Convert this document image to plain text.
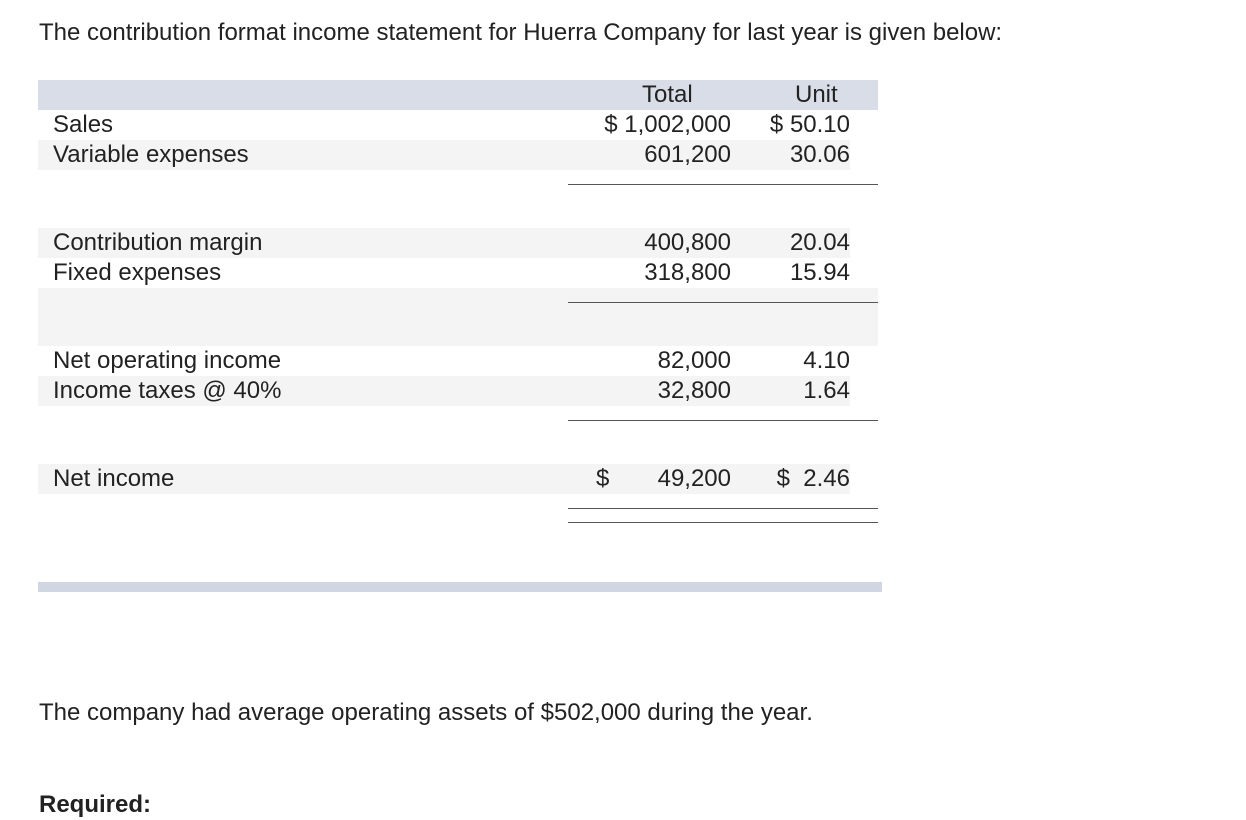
The contribution format income statement for Huerra Company for last year is given below:
Total	Unit
Sales	$ 1,002,000 $ 50.10
Variable expenses	601,200 30.06
Contribution margin	400,800 20.04
Fixed expenses	318,800 15.94
Net operating income	82,000	4.10
Income taxes @ 40%	32,800	1.64
Net income	$ 49,200 $  2.46

The company had average operating assets of $502,000 during the year.

Required:
